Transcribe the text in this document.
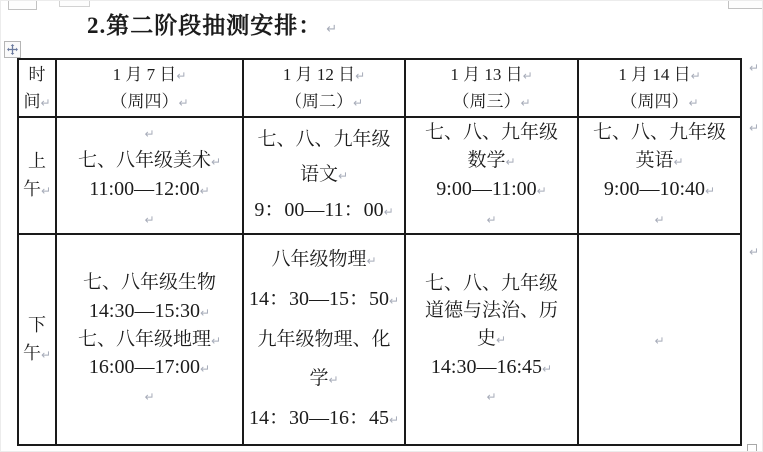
2.第二阶段抽测安排： ↵
时
间↵
1 月 7 日↵
（周四）↵
1 月 12 日↵
（周二）↵
1 月 13 日↵
（周三）↵
1 月 14 日↵
（周四）↵
上
午↵
↵
七、八年级美术↵
11:00—12:00↵
↵
七、八、九年级
语文↵
9：00—11：00↵
七、八、九年级
数学↵
9:00—11:00↵
↵
七、八、九年级
英语↵
9:00—10:40↵
↵
下
午↵
七、八年级生物
14:30—15:30↵
七、八年级地理↵
16:00—17:00↵
↵
八年级物理↵
14：30—15：50↵
九年级物理、化
学↵
14：30—16：45↵
七、八、九年级
道德与法治、历
史↵
14:30—16:45↵
↵
↵
↵
↵
↵
